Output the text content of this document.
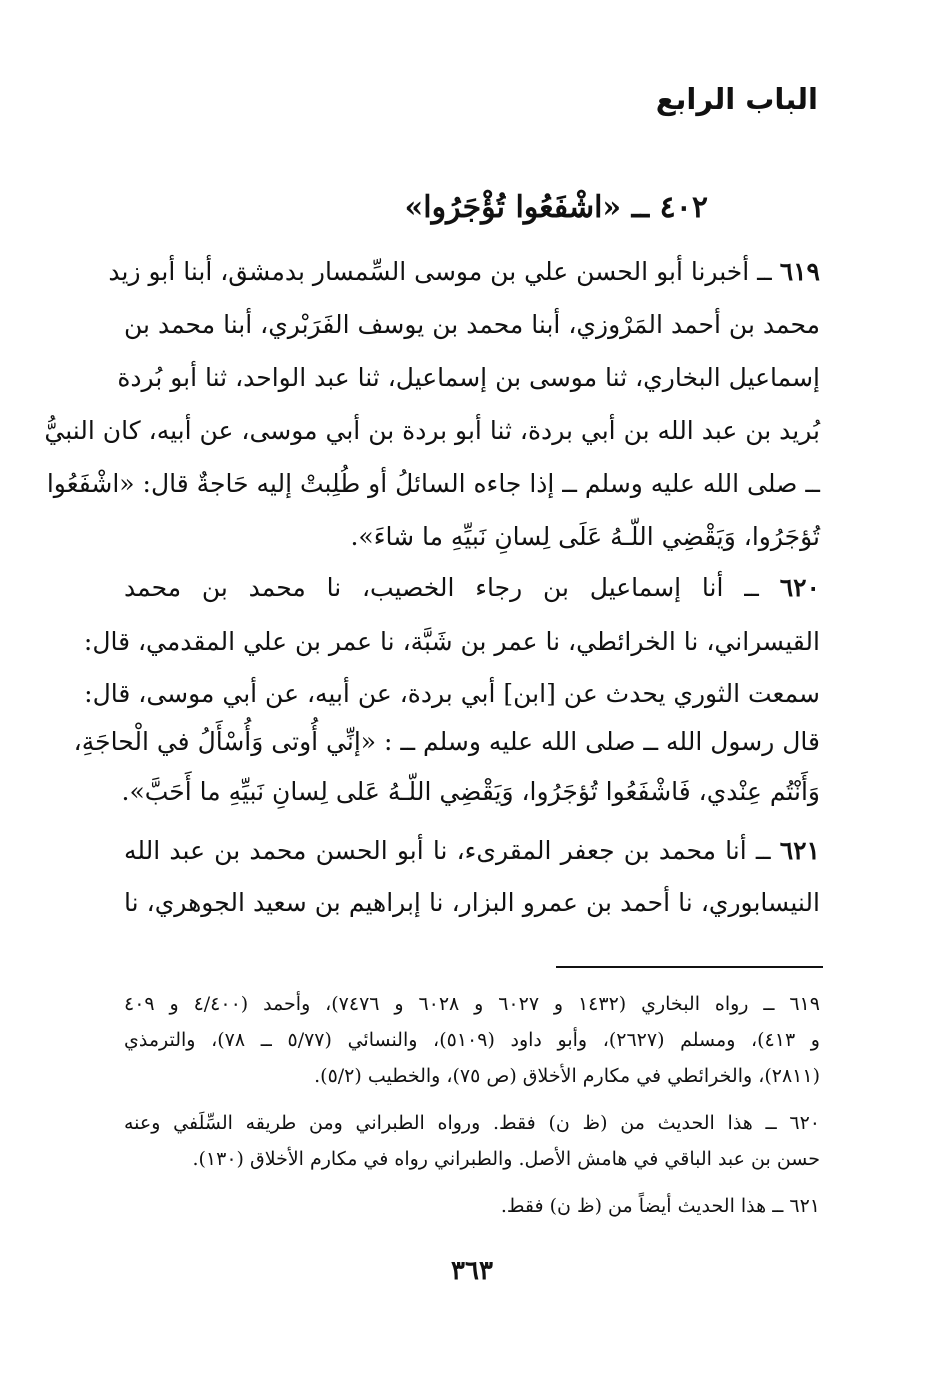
الباب الرابع
٤٠٢ ــ «اشْفَعُوا تُؤْجَرُوا»
٦١٩ ــ أخبرنا أبو الحسن علي بن موسى السِّمسار بدمشق، أبنا أبو زيد
محمد بن أحمد المَرْوزي، أبنا محمد بن يوسف الفَرَبْري، أبنا محمد بن
إسماعيل البخاري، ثنا موسى بن إسماعيل، ثنا عبد الواحد، ثنا أبو بُردة
بُريد بن عبد الله بن أبي بردة، ثنا أبو بردة بن أبي موسى، عن أبيه، كان النبيُّ
ــ صلى الله عليه وسلم ــ إذا جاءه السائلُ أو طُلِبتْ إليه حَاجةٌ قال: «اشْفَعُوا
تُؤجَرُوا، وَيَقْضِي اللّـهُ عَلَى لِسانِ نَبيِّهِ ما شاءَ».
٦٢٠ ــ أنا إسماعيل بن رجاء الخصيب، نا محمد بن محمد
القيسراني، نا الخرائطي، نا عمر بن شَبَّة، نا عمر بن علي المقدمي، قال:
سمعت الثوري يحدث عن [ابن] أبي بردة، عن أبيه، عن أبي موسى، قال:
قال رسول الله ــ صلى الله عليه وسلم ــ : «إنِّي أُوتى وَأُسْأَلُ في الْحاجَةِ،
وَأَنْتُم عِنْدي، فَاشْفَعُوا تُؤجَرُوا، وَيَقْضِي اللّـهُ عَلى لِسانِ نَبيِّهِ ما أَحَبَّ».
٦٢١ ــ أنا محمد بن جعفر المقرىء، نا أبو الحسن محمد بن عبد الله
النيسابوري، نا أحمد بن عمرو البزار، نا إبراهيم بن سعيد الجوهري، نا
٦١٩ ــ رواه البخاري (١٤٣٢ و ٦٠٢٧ و ٦٠٢٨ و ٧٤٧٦)، وأحمد (٤/٤٠٠ و ٤٠٩
و ٤١٣)، ومسلم (٢٦٢٧)، وأبو داود (٥١٠٩)، والنسائي (٥/٧٧ ــ ٧٨)، والترمذي
(٢٨١١)، والخرائطي في مكارم الأخلاق (ص ٧٥)، والخطيب (٥/٢).
٦٢٠ ــ هذا الحديث من (ظ ن) فقط. ورواه الطبراني ومن طريقه السِّلَفي وعنه
حسن بن عبد الباقي في هامش الأصل. والطبراني رواه في مكارم الأخلاق (١٣٠).
٦٢١ ــ هذا الحديث أيضاً من (ظ ن) فقط.
٣٦٣
